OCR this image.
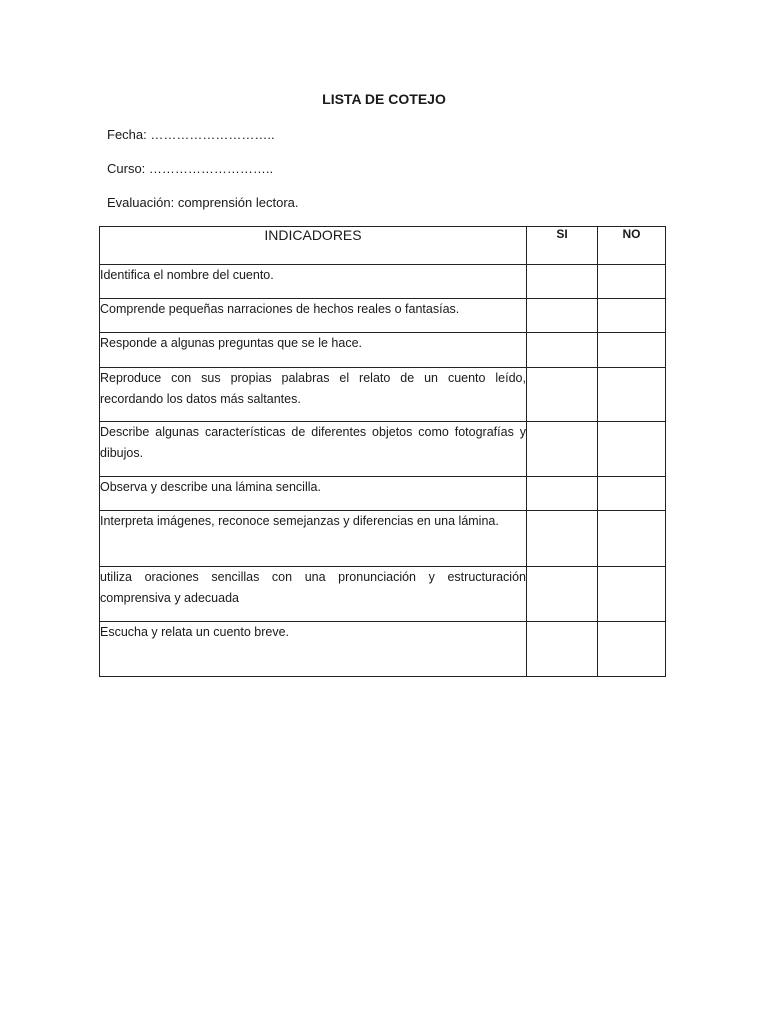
LISTA DE COTEJO
Fecha: ………………………..
Curso: ………………………..
Evaluación: comprensión lectora.
INDICADORES	SI	NO

Identifica el nombre del cuento.		

Comprende pequeñas narraciones de hechos reales o fantasías.		

Responde a algunas preguntas que se le hace.		

Reproduce con sus propias palabras el relato de un cuento leído, recordando los datos más saltantes.		

Describe algunas características de diferentes objetos como fotografías y dibujos.		

Observa y describe una lámina sencilla.		

Interpreta imágenes, reconoce semejanzas y diferencias en una lámina.		

utiliza oraciones sencillas con una pronunciación y estructuración comprensiva y adecuada		

Escucha y relata un cuento breve.		
